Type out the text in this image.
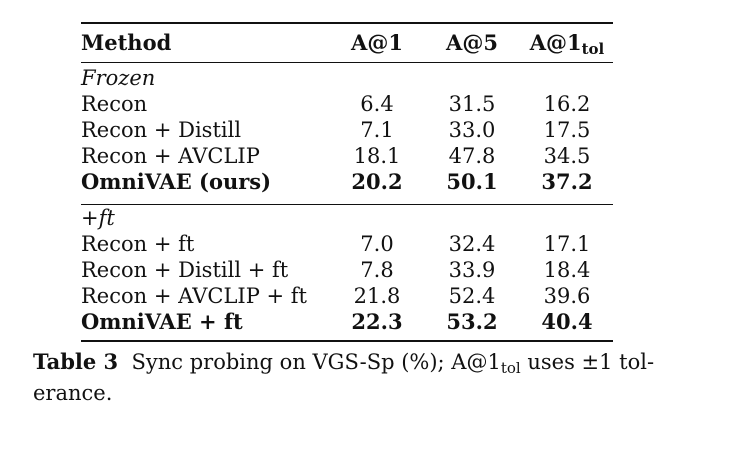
Method	A@1	A@5	$A@1_{tol}$
Frozen
Recon	6.4	31.5	16.2
Recon + Distill	7.1	33.0	17.5
Recon + AVCLIP	18.1	47.8	34.5
OmniVAE (ours)	20.2	50.1	37.2
+ft
Recon + ft	7.0	32.4	17.1
Recon + Distill + ft	7.8	33.9	18.4
Recon + AVCLIP + ft	21.8	52.4	39.6
OmniVAE + ft	22.3	53.2	40.4
Table 3 Sync probing on VGS-Sp (%); $A@1_{tol}$ uses ±1 tol-
erance.
